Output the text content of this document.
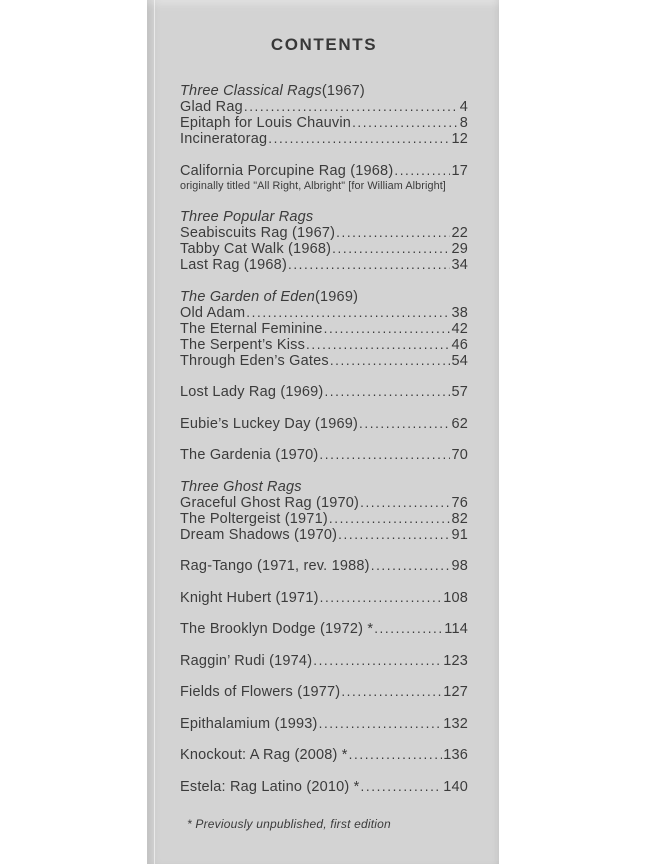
CONTENTS
Three Classical Rags (1967)
Glad Rag .....	4
Epitaph for Louis Chauvin .....	8
Incineratorag .....	12
California Porcupine Rag (1968) .....	17
originally titled "All Right, Albright" [for William Albright]
Three Popular Rags
Seabiscuits Rag (1967) .....	22
Tabby Cat Walk (1968) .....	29
Last Rag (1968) .....	34
The Garden of Eden (1969)
Old Adam .....	38
The Eternal Feminine .....	42
The Serpent’s Kiss .....	46
Through Eden’s Gates .....	54
Lost Lady Rag (1969) .....	57
Eubie’s Luckey Day (1969) .....	62
The Gardenia (1970) .....	70
Three Ghost Rags
Graceful Ghost Rag (1970) .....	76
The Poltergeist (1971) .....	82
Dream Shadows (1970) .....	91
Rag-Tango (1971, rev. 1988) .....	98
Knight Hubert (1971) .....	108
The Brooklyn Dodge (1972) * .....	114
Raggin’ Rudi (1974) .....	123
Fields of Flowers (1977) .....	127
Epithalamium (1993) .....	132
Knockout: A Rag (2008) * .....	136
Estela: Rag Latino (2010) * .....	140
* Previously unpublished, first edition
